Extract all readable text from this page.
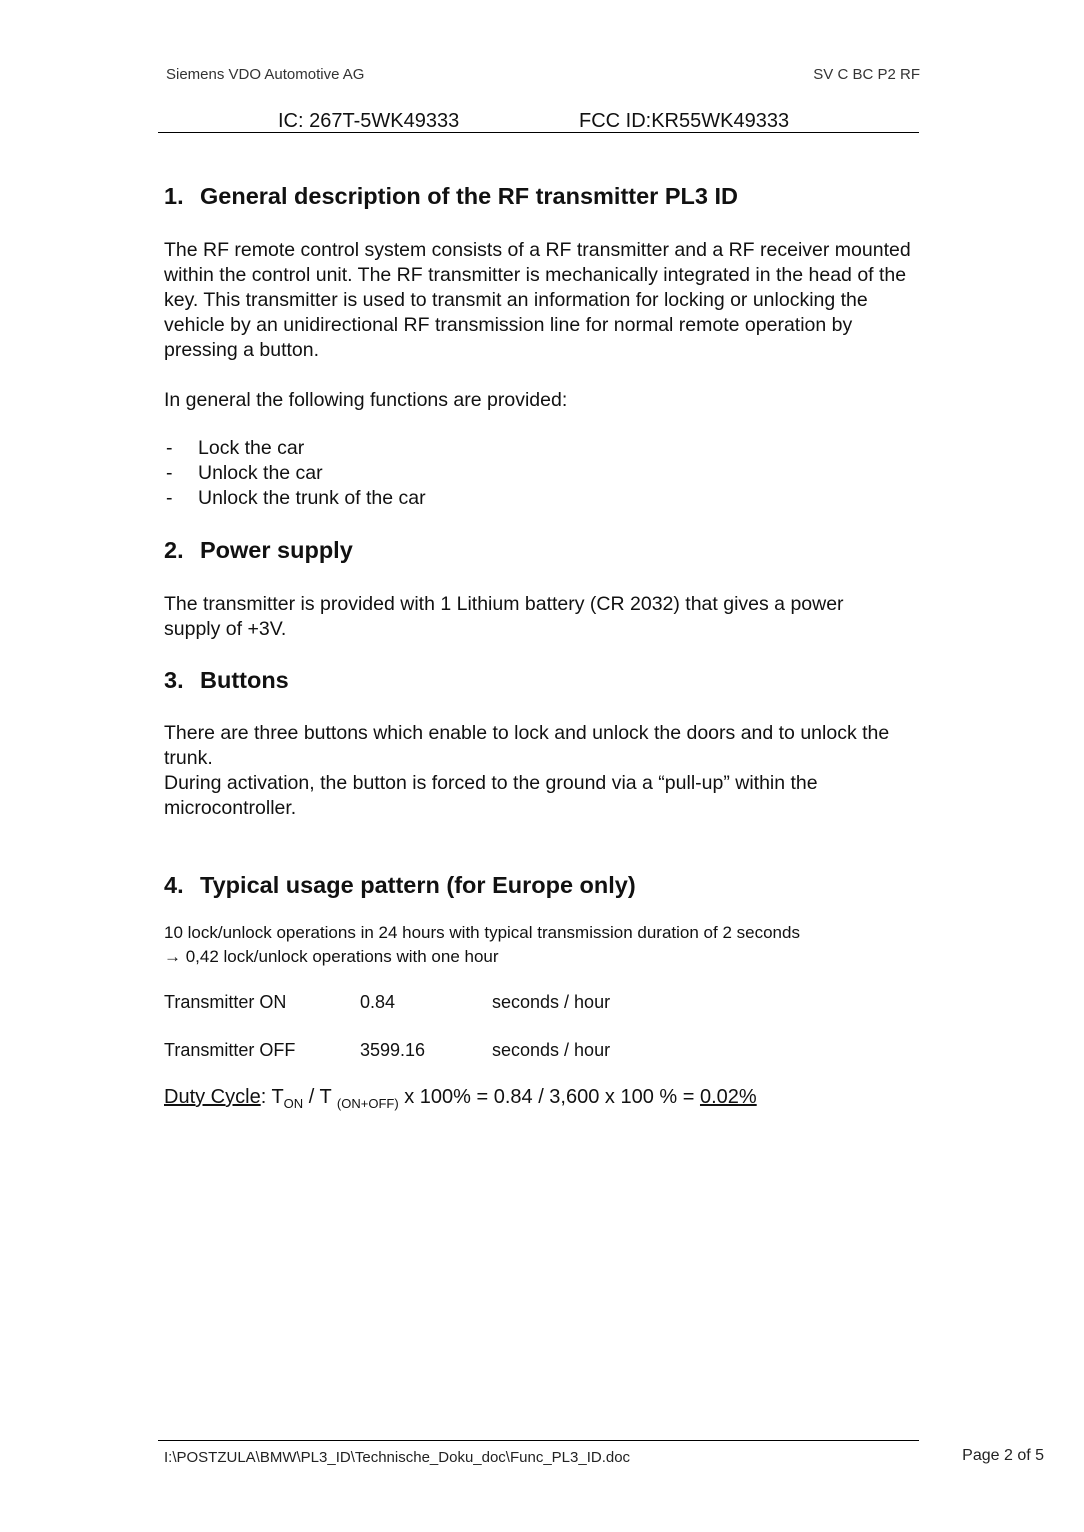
Siemens VDO Automotive AG	SV C BC P2 RF
IC: 267T-5WK49333	FCC ID:KR55WK49333
1. General description of the RF transmitter PL3 ID

The RF remote control system consists of a RF transmitter and a RF receiver mounted within the control unit. The RF transmitter is mechanically integrated in the head of the key. This transmitter is used to transmit an information for locking or unlocking the vehicle by an unidirectional RF transmission line for normal remote operation by pressing a button.

In general the following functions are provided:

- Lock the car
- Unlock the car
- Unlock the trunk of the car
2. Power supply

The transmitter is provided with 1 Lithium battery (CR 2032) that gives a power supply of +3V.

3. Buttons

There are three buttons which enable to lock and unlock the doors and to unlock the trunk.

During activation, the button is forced to the ground via a “pull-up” within the microcontroller.

4. Typical usage pattern (for Europe only)
10 lock/unlock operations in 24 hours with typical transmission duration of 2 seconds
→ 0,42 lock/unlock operations with one hour
Transmitter ON	0.84	seconds / hour
Transmitter OFF	3599.16	seconds / hour
Duty Cycle: $T_{ON}$ / T $_{(ON+OFF)}$ x 100% = 0.84 / 3,600 x 100 % = 0.02%
I:\POSTZULA\BMW\PL3_ID\Technische_Doku_doc\Func_PL3_ID.doc	Page 2 of 5
